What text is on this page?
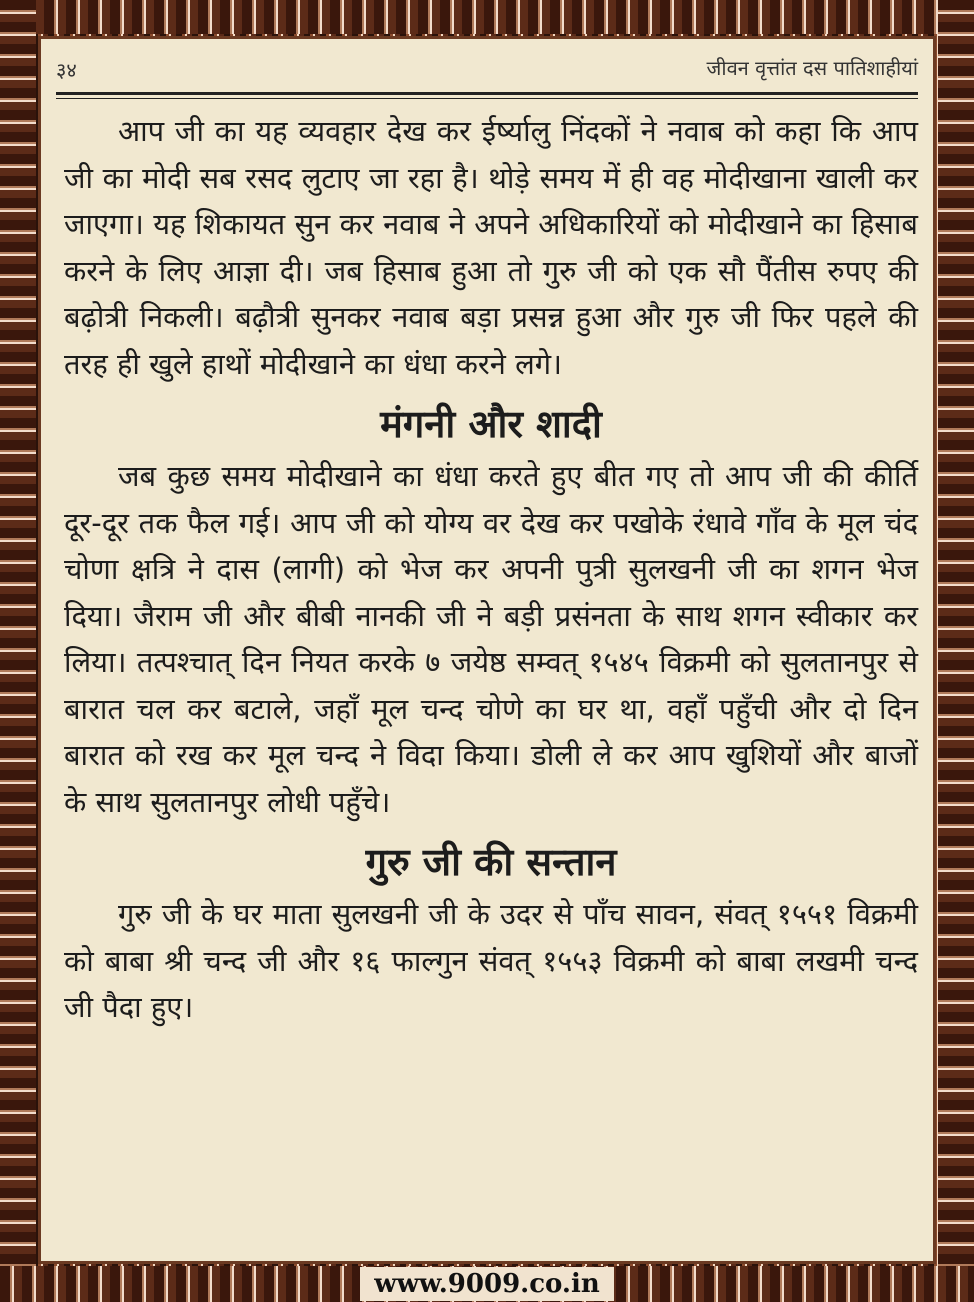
३४	जीवन वृत्तांत दस पातिशाहीयां

आप जी का यह व्यवहार देख कर ईर्ष्यालु निंदकों ने नवाब को कहा कि आप जी का मोदी सब रसद लुटाए जा रहा है। थोड़े समय में ही वह मोदीखाना खाली कर जाएगा। यह शिकायत सुन कर नवाब ने अपने अधिकारियों को मोदीखाने का हिसाब करने के लिए आज्ञा दी। जब हिसाब हुआ तो गुरु जी को एक सौ पैंतीस रुपए की बढ़ोत्री निकली। बढ़ौत्री सुनकर नवाब बड़ा प्रसन्न हुआ और गुरु जी फिर पहले की तरह ही खुले हाथों मोदीखाने का धंधा करने लगे।

मंगनी और शादी

जब कुछ समय मोदीखाने का धंधा करते हुए बीत गए तो आप जी की कीर्ति दूर-दूर तक फैल गई। आप जी को योग्य वर देख कर पखोके रंधावे गाँव के मूल चंद चोणा क्षत्रि ने दास (लागी) को भेज कर अपनी पुत्री सुलखनी जी का शगन भेज दिया। जैराम जी और बीबी नानकी जी ने बड़ी प्रसंनता के साथ शगन स्वीकार कर लिया। तत्पश्चात् दिन नियत करके ७ जयेष्ठ सम्वत् १५४५ विक्रमी को सुलतानपुर से बारात चल कर बटाले, जहाँ मूल चन्द चोणे का घर था, वहाँ पहुँची और दो दिन बारात को रख कर मूल चन्द ने विदा किया। डोली ले कर आप खुशियों और बाजों के साथ सुलतानपुर लोधी पहुँचे।

गुरु जी की सन्तान

गुरु जी के घर माता सुलखनी जी के उदर से पाँच सावन, संवत् १५५१ विक्रमी को बाबा श्री चन्द जी और १६ फाल्गुन संवत् १५५३ विक्रमी को बाबा लखमी चन्द जी पैदा हुए।

www.9009.co.in
